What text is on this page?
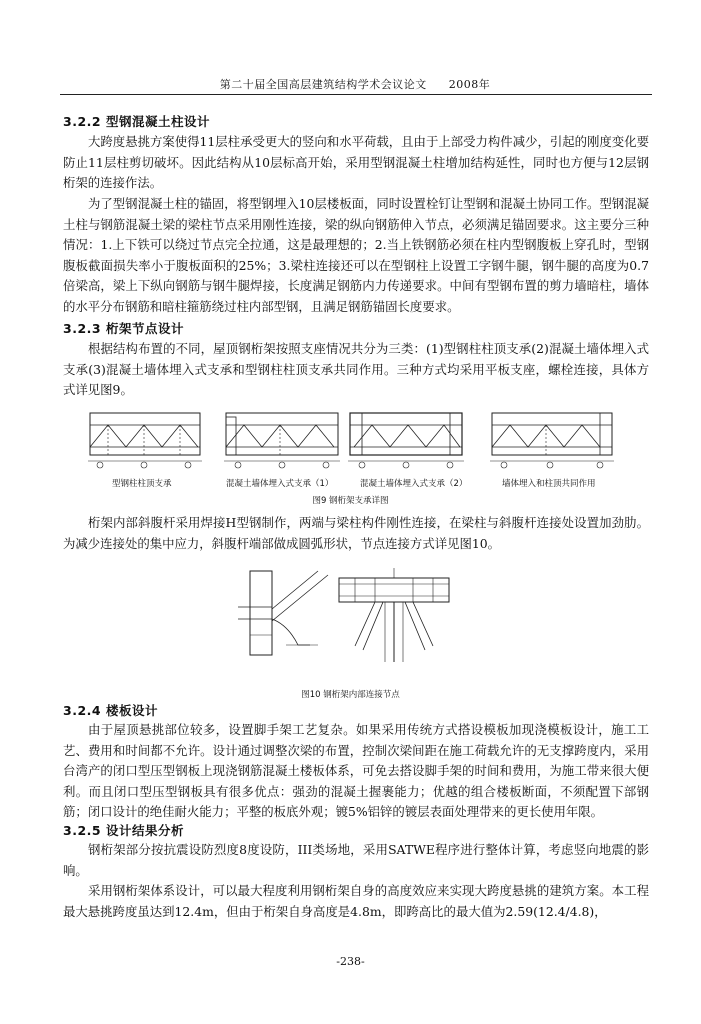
第二十届全国高层建筑结构学术会议论文 2008年
3.2.2 型钢混凝土柱设计
大跨度悬挑方案使得11层柱承受更大的竖向和水平荷载，且由于上部受力构件减少，引起的刚度变化要防止11层柱剪切破坏。因此结构从10层标高开始，采用型钢混凝土柱增加结构延性，同时也方便与12层钢桁架的连接作法。
为了型钢混凝土柱的锚固，将型钢埋入10层楼板面，同时设置栓钉让型钢和混凝土协同工作。型钢混凝土柱与钢筋混凝土梁的梁柱节点采用刚性连接，梁的纵向钢筋伸入节点，必须满足锚固要求。这主要分三种情况：1.上下铁可以绕过节点完全拉通，这是最理想的；2.当上铁钢筋必须在柱内型钢腹板上穿孔时，型钢腹板截面损失率小于腹板面积的25%；3.梁柱连接还可以在型钢柱上设置工字钢牛腿，钢牛腿的高度为0.7倍梁高，梁上下纵向钢筋与钢牛腿焊接，长度满足钢筋内力传递要求。中间有型钢布置的剪力墙暗柱，墙体的水平分布钢筋和暗柱箍筋绕过柱内部型钢，且满足钢筋锚固长度要求。
3.2.3 桁架节点设计
根据结构布置的不同，屋顶钢桁架按照支座情况共分为三类：(1)型钢柱柱顶支承(2)混凝土墙体埋入式支承(3)混凝土墙体埋入式支承和型钢柱柱顶支承共同作用。三种方式均采用平板支座，螺栓连接，具体方式详见图9。
型钢柱柱顶支承	混凝土墙体埋入式支承（1）	混凝土墙体埋入式支承（2）	墙体埋入和柱顶共同作用
图9 钢桁架支承详图
桁架内部斜腹杆采用焊接H型钢制作，两端与梁柱构件刚性连接，在梁柱与斜腹杆连接处设置加劲肋。为减少连接处的集中应力，斜腹杆端部做成圆弧形状，节点连接方式详见图10。
图10 钢桁架内部连接节点
3.2.4 楼板设计
由于屋顶悬挑部位较多，设置脚手架工艺复杂。如果采用传统方式搭设模板加现浇模板设计，施工工艺、费用和时间都不允许。设计通过调整次梁的布置，控制次梁间距在施工荷载允许的无支撑跨度内，采用台湾产的闭口型压型钢板上现浇钢筋混凝土楼板体系，可免去搭设脚手架的时间和费用，为施工带来很大便利。而且闭口型压型钢板具有很多优点：强劲的混凝土握裹能力；优越的组合楼板断面，不须配置下部钢筋；闭口设计的绝佳耐火能力；平整的板底外观；镀5%铝锌的镀层表面处理带来的更长使用年限。
3.2.5 设计结果分析
钢桁架部分按抗震设防烈度8度设防，III类场地，采用SATWE程序进行整体计算，考虑竖向地震的影响。
采用钢桁架体系设计，可以最大程度利用钢桁架自身的高度效应来实现大跨度悬挑的建筑方案。本工程最大悬挑跨度虽达到12.4m，但由于桁架自身高度是4.8m，即跨高比的最大值为2.59(12.4/4.8)，
-238-
